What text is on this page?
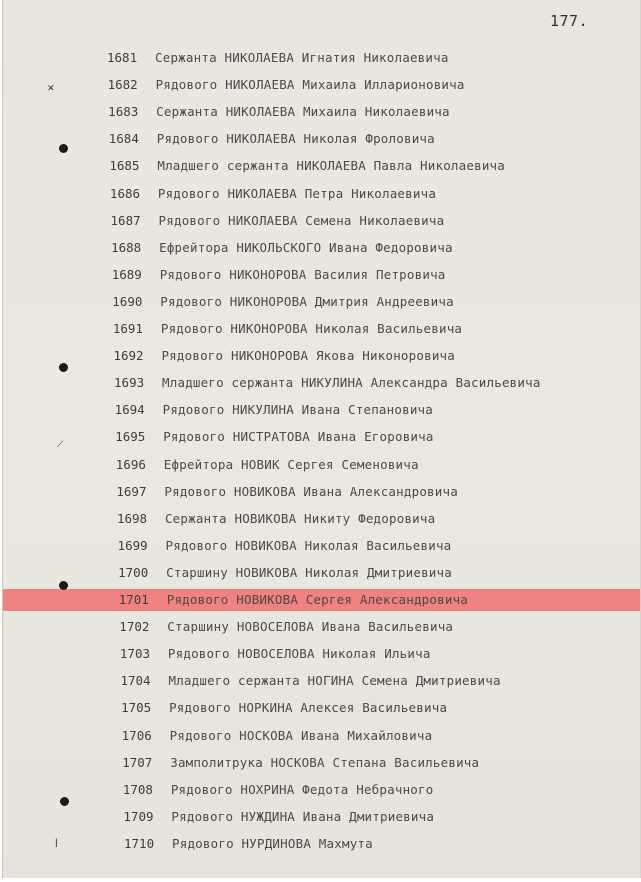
177.
1681 Сержанта НИКОЛАЕВА Игнатия Николаевича
1682 Рядового НИКОЛАЕВА Михаила Илларионовича
1683 Сержанта НИКОЛАЕВА Михаила Николаевича
1684 Рядового НИКОЛАЕВА Николая Фроловича
1685 Младшего сержанта НИКОЛАЕВА Павла Николаевича
1686 Рядового НИКОЛАЕВА Петра Николаевича
1687 Рядового НИКОЛАЕВА Семена Николаевича
1688 Ефрейтора НИКОЛЬСКОГО Ивана Федоровича
1689 Рядового НИКОНОРОВА Василия Петровича
1690 Рядового НИКОНОРОВА Дмитрия Андреевича
1691 Рядового НИКОНОРОВА Николая Васильевича
1692 Рядового НИКОНОРОВА Якова Никоноровича
1693 Младшего сержанта НИКУЛИНА Александра Васильевича
1694 Рядового НИКУЛИНА Ивана Степановича
1695 Рядового НИСТРАТОВА Ивана Егоровича
1696 Ефрейтора НОВИК Сергея Семеновича
1697 Рядового НОВИКОВА Ивана Александровича
1698 Сержанта НОВИКОВА Никиту Федоровича
1699 Рядового НОВИКОВА Николая Васильевича
1700 Старшину НОВИКОВА Николая Дмитриевича
1701 Рядового НОВИКОВА Сергея Александровича
1702 Старшину НОВОСЕЛОВА Ивана Васильевича
1703 Рядового НОВОСЕЛОВА Николая Ильича
1704 Младшего сержанта НОГИНА Семена Дмитриевича
1705 Рядового НОРКИНА Алексея Васильевича
1706 Рядового НОСКОВА Ивана Михайловича
1707 Замполитрука НОСКОВА Степана Васильевича
1708 Рядового НОХРИНА Федота Небрачного
1709 Рядового НУЖДИНА Ивана Дмитриевича
1710 Рядового НУРДИНОВА Махмута
✕
⟋
ǀ
